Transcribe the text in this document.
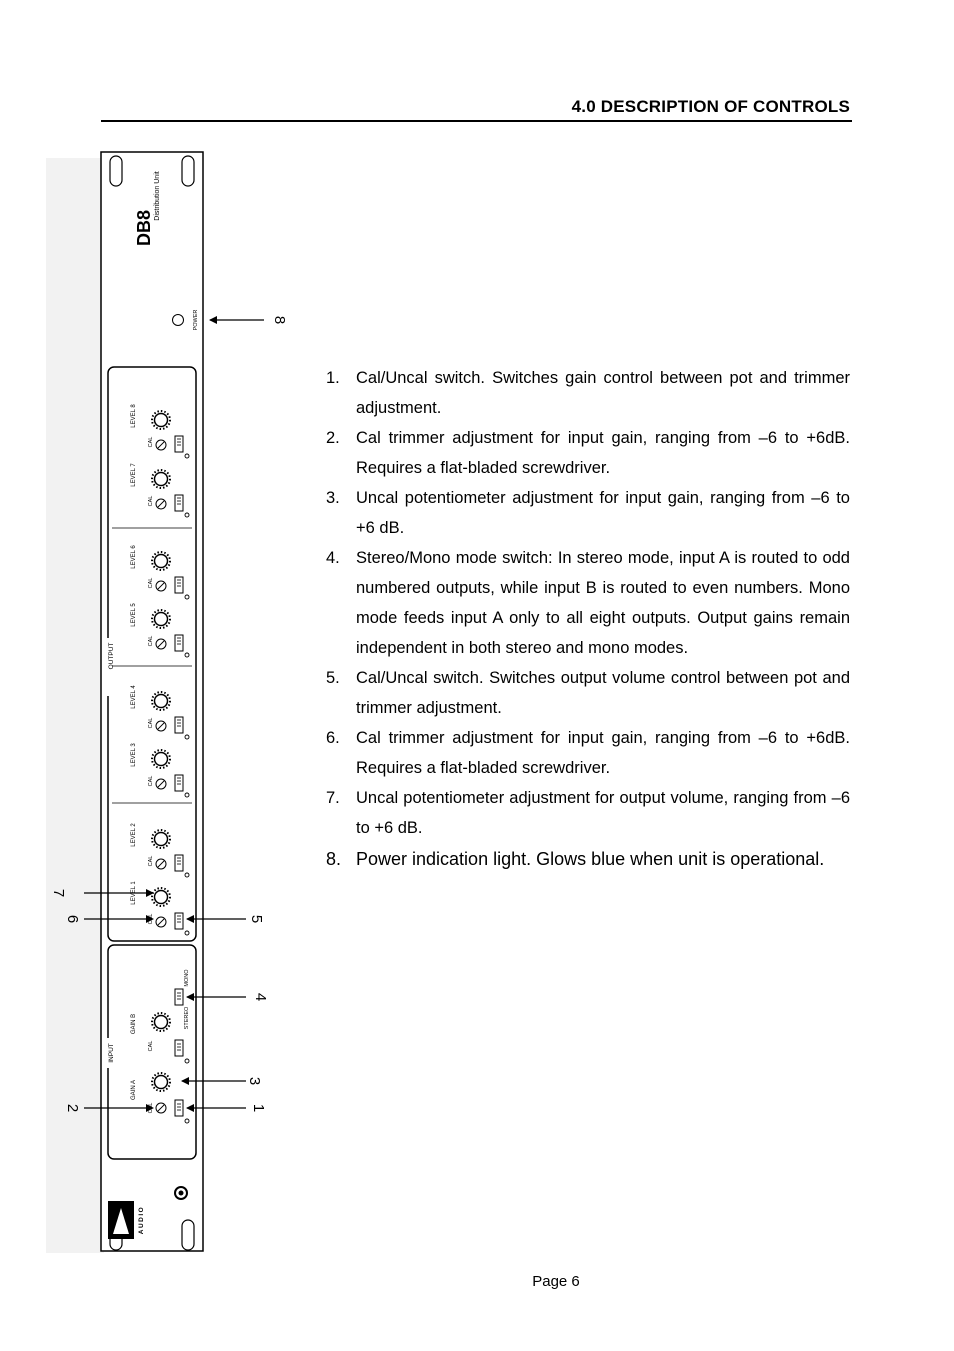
4.0 DESCRIPTION OF CONTROLS
DB8
Distribution Unit
POWER
OUTPUT
INPUT
LEVEL 8
CAL
LEVEL 7
CAL
LEVEL 6
CAL
LEVEL 5
CAL
LEVEL 4
CAL
LEVEL 3
CAL
LEVEL 2
CAL
LEVEL 1
GAIN B
CAL
STEREO
MONO
GAIN A
AUDIO
8
7
6	5
4
3
2	1
1. Cal/Uncal switch. Switches gain control between pot and trimmer adjustment.
2. Cal trimmer adjustment for input gain, ranging from –6 to +6dB. Requires a flat-bladed screwdriver.
3. Uncal potentiometer adjustment for input gain, ranging from –6 to +6 dB.
4. Stereo/Mono mode switch: In stereo mode, input A is routed to odd numbered outputs, while input B is routed to even numbers. Mono mode feeds input A only to all eight outputs. Output gains remain independent in both stereo and mono modes.
5. Cal/Uncal switch. Switches output volume control between pot and trimmer adjustment.
6. Cal trimmer adjustment for input gain, ranging from –6 to +6dB. Requires a flat-bladed screwdriver.
7. Uncal potentiometer adjustment for output volume, ranging from –6 to +6 dB.
8. Power indication light. Glows blue when unit is operational.
Page 6
